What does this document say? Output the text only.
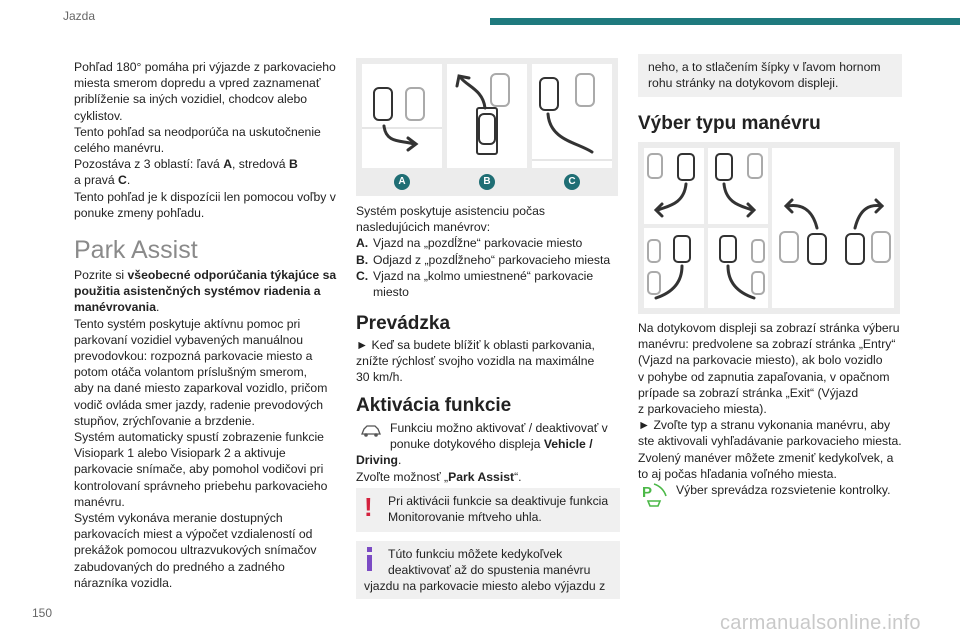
Jazda

Pohľad 180° pomáha pri výjazde z parkovacieho

miesta smerom dopredu a vpred zaznamenať

priblíženie sa iných vozidiel, chodcov alebo

cyklistov.

Tento pohľad sa neodporúča na uskutočnenie

celého manévru.

Pozostáva z 3 oblastí: ľavá A, stredová B

a pravá C.

Tento pohľad je k dispozícii len pomocou voľby v

ponuke zmeny pohľadu.

Park Assist

Pozrite si všeobecné odporúčania týkajúce sa

použitia asistenčných systémov riadenia a

manévrovania.

Tento systém poskytuje aktívnu pomoc pri

parkovaní vozidiel vybavených manuálnou

prevodovkou: rozpozná parkovacie miesto a

potom otáča volantom príslušným smerom,

aby na dané miesto zaparkoval vozidlo, pričom

vodič ovláda smer jazdy, radenie prevodových

stupňov, zrýchľovanie a brzdenie.

Systém automaticky spustí zobrazenie funkcie

Visiopark 1 alebo Visiopark 2 a aktivuje

parkovacie snímače, aby pomohol vodičovi pri

kontrolovaní správneho priebehu parkovacieho

manévru.

Systém vykonáva meranie dostupných

parkovacích miest a výpočet vzdialeností od

prekážok pomocou ultrazvukových snímačov

zabudovaných do predného a zadného

nárazníka vozidla.

A	B	C

Systém poskytuje asistenciu počas

nasledujúcich manévrov:

A. Vjazd na „pozdĺžne“ parkovacie miesto
B. Odjazd z „pozdĺžneho“ parkovacieho miesta
C. Vjazd na „kolmo umiestnené“ parkovacie
miesto
Prevádzka

► Keď sa budete blížiť k oblasti parkovania,

znížte rýchlosť svojho vozidla na maximálne

30 km/h.

Aktivácia funkcie

Funkciu možno aktivovať / deaktivovať v

ponuke dotykového displeja Vehicle /

Driving.

Zvoľte možnosť „Park Assist“.

! Pri aktivácii funkcie sa deaktivuje funkcia

Monitorovanie mŕtveho uhla.

Túto funkciu môžete kedykoľvek

deaktivovať až do spustenia manévru

vjazdu na parkovacie miesto alebo výjazdu z

neho, a to stlačením šípky v ľavom hornom

rohu stránky na dotykovom displeji.

Výber typu manévru

Na dotykovom displeji sa zobrazí stránka výberu

manévru: predvolene sa zobrazí stránka „Entry“

(Vjazd na parkovacie miesto), ak bolo vozidlo

v pohybe od zapnutia zapaľovania, v opačnom

prípade sa zobrazí stránka „Exit“ (Výjazd

z parkovacieho miesta).

► Zvoľte typ a stranu vykonania manévru, aby

ste aktivovali vyhľadávanie parkovacieho miesta.

Zvolený manéver môžete zmeniť kedykoľvek, a

to aj počas hľadania voľného miesta.

P Výber sprevádza rozsvietenie kontrolky.
150	carmanualsonline.info
